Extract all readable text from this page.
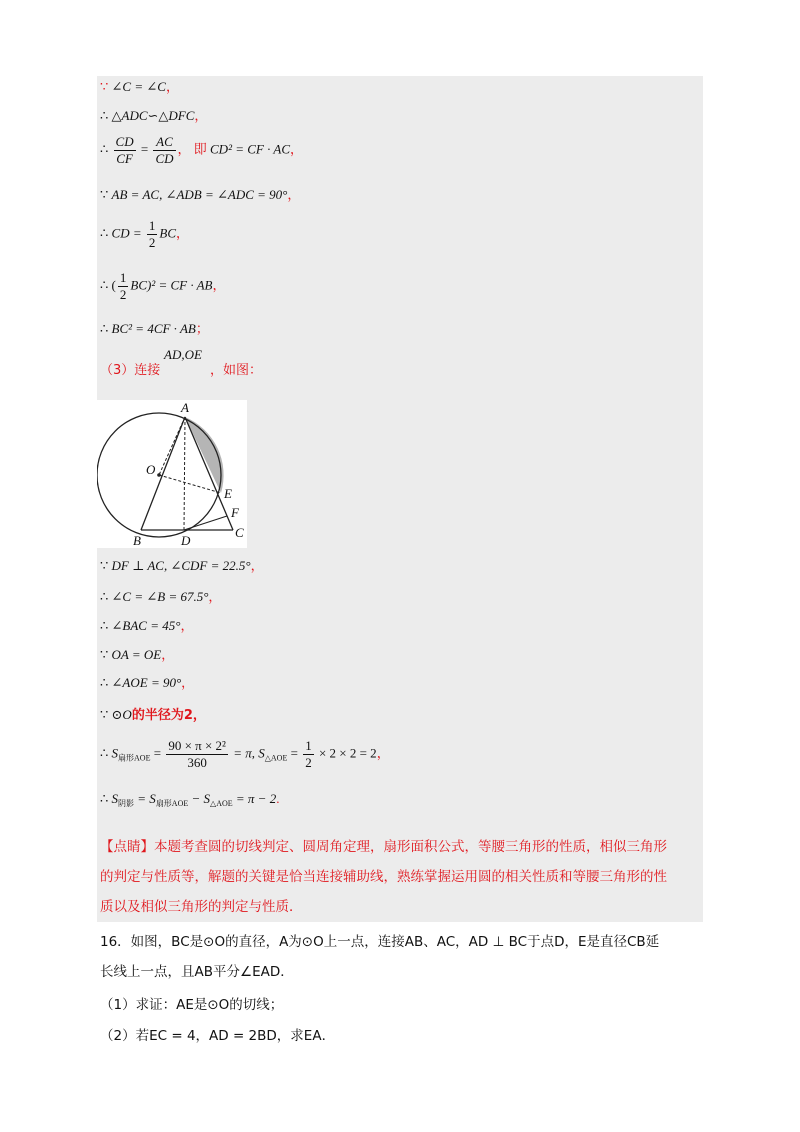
∵ ∠C = ∠C，
∴ △ADC∽△DFC，
∴ $\frac{CD}{CF} = \frac{AC}{CD}$ ， 即 CD² = CF · AC，
∵ AB = AC, ∠ADB = ∠ADC = 90°，
∴ CD = $\frac{1}{2}$ BC，
∴ ( $\frac{1}{2} BC)^2$ = CF · AB，
∴ BC² = 4CF · AB；
（3）连接
AD,OE
，如图：
A
O
E
F
B	D
C
∵ DF ⊥ AC, ∠CDF = 22.5°，
∴ ∠C = ∠B = 67.5°，
∴ ∠BAC = 45°，
∵ OA = OE，
∴ ∠AOE = 90°，
∵ ⊙O的半径为2，
∴ $S_{扇形AOE} = \frac{\text{90 × π × 2²}}{360} = \pi$, $S_{\triangle AOE} = \frac{1}{2} \times 2 \times 2 = 2$，
∴ $S_{阴影} = S_{扇形AOE} - S_{\triangle AOE} = \pi - 2$.
【点睛】本题考查圆的切线判定、圆周角定理，扇形面积公式，等腰三角形的性质，相似三角形
的判定与性质等，解题的关键是恰当连接辅助线，熟练掌握运用圆的相关性质和等腰三角形的性
质以及相似三角形的判定与性质．
16．如图，BC是⊙O的直径，A为⊙O上一点，连接AB、AC，AD ⊥ BC于点D，E是直径CB延
长线上一点，且AB平分∠EAD．
（1）求证：AE是⊙O的切线；
（2）若EC = 4，AD = 2BD，求EA．
